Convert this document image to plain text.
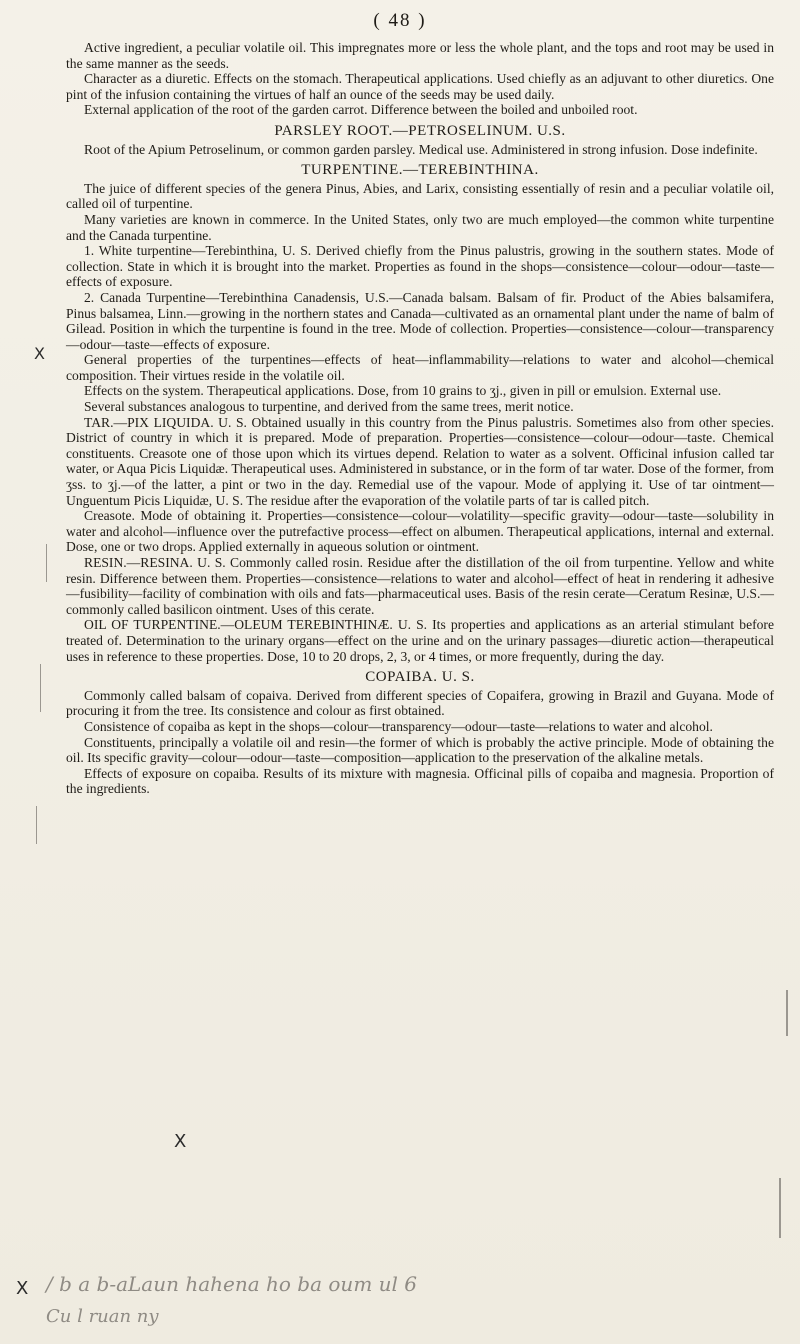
( 48 )

Active ingredient, a peculiar volatile oil. This impregnates more or less the whole plant, and the tops and root may be used in the same manner as the seeds.

Character as a diuretic. Effects on the stomach. Therapeutical applications. Used chiefly as an adjuvant to other diuretics. One pint of the infusion containing the virtues of half an ounce of the seeds may be used daily.

External application of the root of the garden carrot. Difference between the boiled and unboiled root.

PARSLEY ROOT.—PETROSELINUM. U.S.

Root of the Apium Petroselinum, or common garden parsley. Medical use. Administered in strong infusion. Dose indefinite.

TURPENTINE.—TEREBINTHINA.

The juice of different species of the genera Pinus, Abies, and Larix, consisting essentially of resin and a peculiar volatile oil, called oil of turpentine.

Many varieties are known in commerce. In the United States, only two are much employed—the common white turpentine and the Canada turpentine.

1. White turpentine—Terebinthina, U. S. Derived chiefly from the Pinus palustris, growing in the southern states. Mode of collection. State in which it is brought into the market. Properties as found in the shops—consistence—colour—odour—taste—effects of exposure.

2. Canada Turpentine—Terebinthina Canadensis, U.S.—Canada balsam. Balsam of fir. Product of the Abies balsamifera, Pinus balsamea, Linn.—growing in the northern states and Canada—cultivated as an ornamental plant under the name of balm of Gilead. Position in which the turpentine is found in the tree. Mode of collection. Properties—consistence—colour—transparency—odour—taste—effects of exposure.

General properties of the turpentines—effects of heat—inflammability—relations to water and alcohol—chemical composition. Their virtues reside in the volatile oil.

Effects on the system. Therapeutical applications. Dose, from 10 grains to ʒj., given in pill or emulsion. External use.

Several substances analogous to turpentine, and derived from the same trees, merit notice.

TAR.—PIX LIQUIDA. U. S. Obtained usually in this country from the Pinus palustris. Sometimes also from other species. District of country in which it is prepared. Mode of preparation. Properties—consistence—colour—odour—taste. Chemical constituents. Creasote one of those upon which its virtues depend. Relation to water as a solvent. Officinal infusion called tar water, or Aqua Picis Liquidæ. Therapeutical uses. Administered in substance, or in the form of tar water. Dose of the former, from ʒss. to ʒj.—of the latter, a pint or two in the day. Remedial use of the vapour. Mode of applying it. Use of tar ointment—Unguentum Picis Liquidæ, U. S. The residue after the evaporation of the volatile parts of tar is called pitch.

Creasote. Mode of obtaining it. Properties—consistence—colour—volatility—specific gravity—odour—taste—solubility in water and alcohol—influence over the putrefactive process—effect on albumen. Therapeutical applications, internal and external. Dose, one or two drops. Applied externally in aqueous solution or ointment.

RESIN.—RESINA. U. S. Commonly called rosin. Residue after the distillation of the oil from turpentine. Yellow and white resin. Difference between them. Properties—consistence—relations to water and alcohol—effect of heat in rendering it adhesive—fusibility—facility of combination with oils and fats—pharmaceutical uses. Basis of the resin cerate—Ceratum Resinæ, U.S.—commonly called basilicon ointment. Uses of this cerate.

OIL OF TURPENTINE.—OLEUM TEREBINTHINÆ. U. S. Its properties and applications as an arterial stimulant before treated of. Determination to the urinary organs—effect on the urine and on the urinary passages—diuretic action—therapeutical uses in reference to these properties. Dose, 10 to 20 drops, 2, 3, or 4 times, or more frequently, during the day.

COPAIBA. U. S.

Commonly called balsam of copaiva. Derived from different species of Copaifera, growing in Brazil and Guyana. Mode of procuring it from the tree. Its consistence and colour as first obtained.

Consistence of copaiba as kept in the shops—colour—transparency—odour—taste—relations to water and alcohol.

Constituents, principally a volatile oil and resin—the former of which is probably the active principle. Mode of obtaining the oil. Its specific gravity—colour—odour—taste—composition—application to the preservation of the alkaline metals.

Effects of exposure on copaiba. Results of its mixture with magnesia. Officinal pills of copaiba and magnesia. Proportion of the ingredients.

X
X
X / b a b-aLaun hahena ho ba oum ul 6
Cu l ruan ny
